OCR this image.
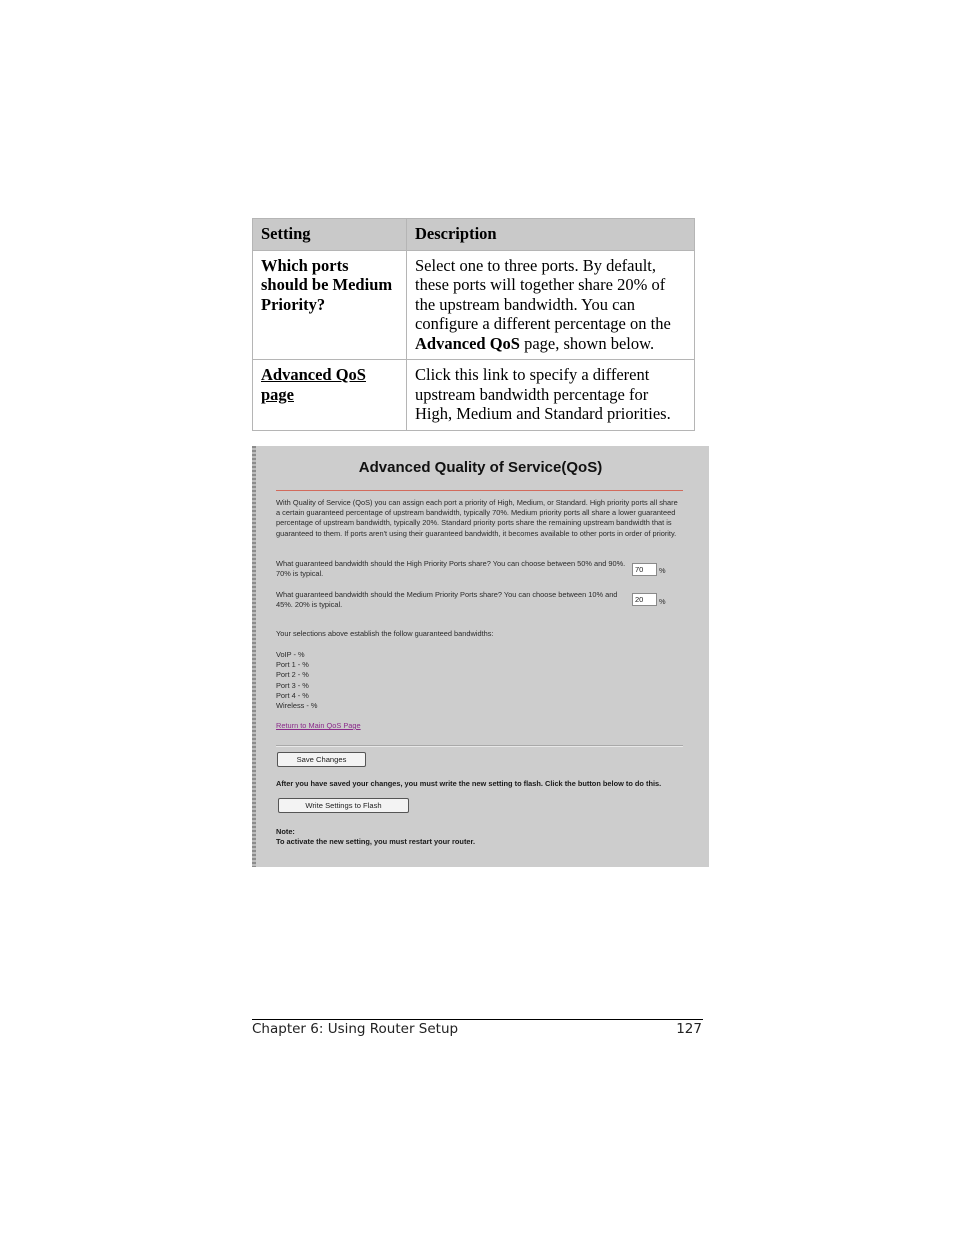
Setting	Description
Which ports should be Medium Priority?	Select one to three ports. By default, these ports will together share 20% of the upstream bandwidth. You can configure a different percentage on the Advanced QoS page, shown below.
Advanced QoS page	Click this link to specify a different upstream bandwidth percentage for High, Medium and Standard priorities.
Advanced Quality of Service(QoS)
With Quality of Service (QoS) you can assign each port a priority of High, Medium, or Standard. High priority ports all share a certain guaranteed percentage of upstream bandwidth, typically 70%. Medium priority ports all share a lower guaranteed percentage of upstream bandwidth, typically 20%. Standard priority ports share the remaining upstream bandwidth that is guaranteed to them. If ports aren't using their guaranteed bandwidth, it becomes available to other ports in order of priority.
What guaranteed bandwidth should the High Priority Ports share? You can choose between 50% and 90%. 70% is typical.
70	%
What guaranteed bandwidth should the Medium Priority Ports share? You can choose between 10% and 45%. 20% is typical.
20	%
Your selections above establish the follow guaranteed bandwidths:
VoIP - %
Port 1 - %
Port 2 - %
Port 3 - %
Port 4 - %
Wireless - %
Return to Main QoS Page
Save Changes
After you have saved your changes, you must write the new setting to flash. Click the button below to do this.
Write Settings to Flash
Note:
To activate the new setting, you must restart your router.
Chapter 6: Using Router Setup	127
